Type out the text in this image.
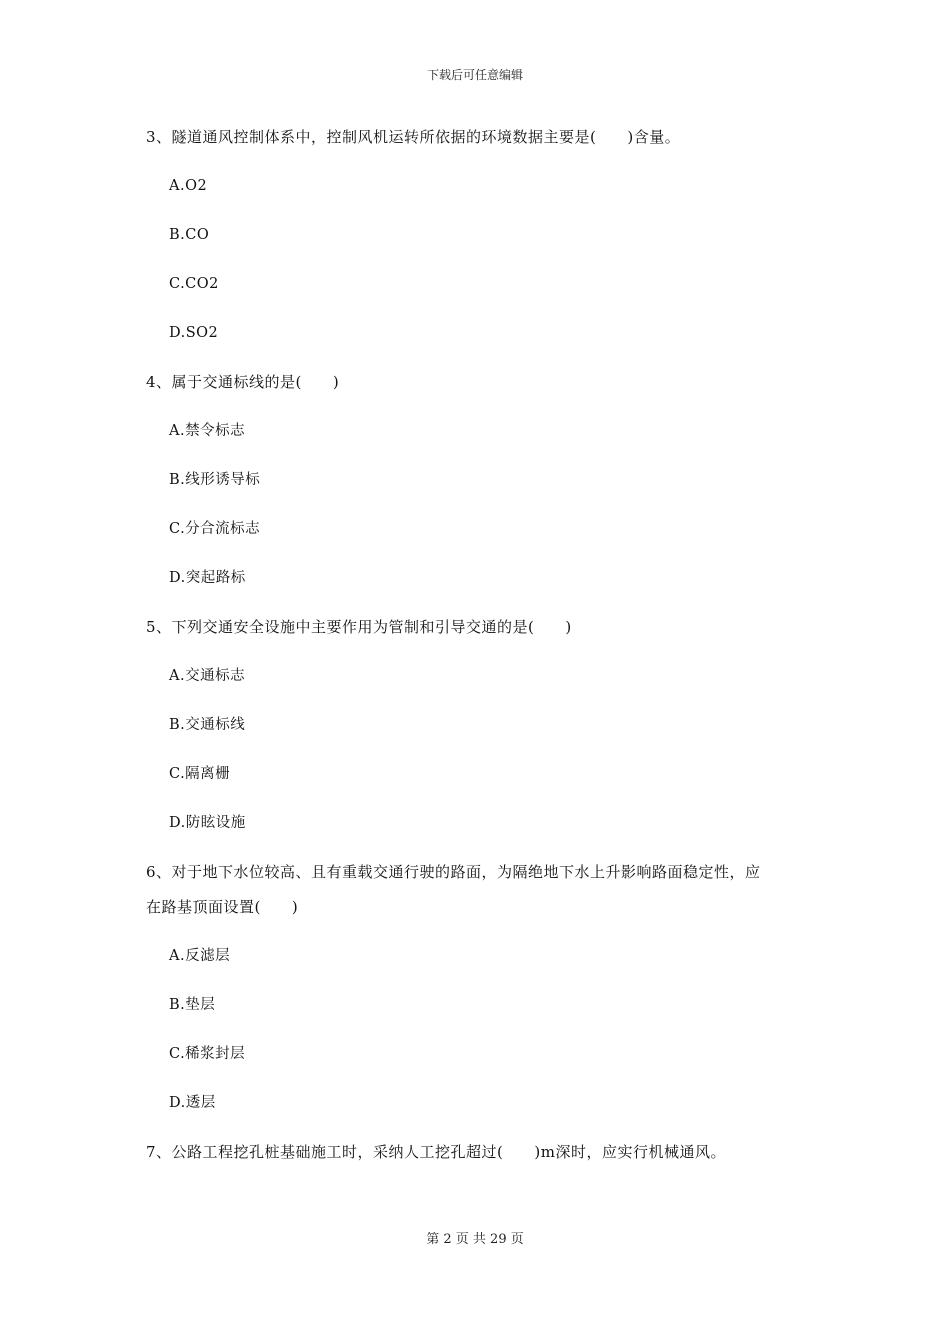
下载后可任意编辑
3、隧道通风控制体系中，控制风机运转所依据的环境数据主要是(　　)含量。
A.O2
B.CO
C.CO2
D.SO2
4、属于交通标线的是(　　)
A.禁令标志
B.线形诱导标
C.分合流标志
D.突起路标
5、下列交通安全设施中主要作用为管制和引导交通的是(　　)
A.交通标志
B.交通标线
C.隔离栅
D.防眩设施
6、对于地下水位较高、且有重载交通行驶的路面，为隔绝地下水上升影响路面稳定性，应
在路基顶面设置(　　)
A.反滤层
B.垫层
C.稀浆封层
D.透层
7、公路工程挖孔桩基础施工时，采纳人工挖孔超过(　　)m深时，应实行机械通风。
第 2 页 共 29 页
